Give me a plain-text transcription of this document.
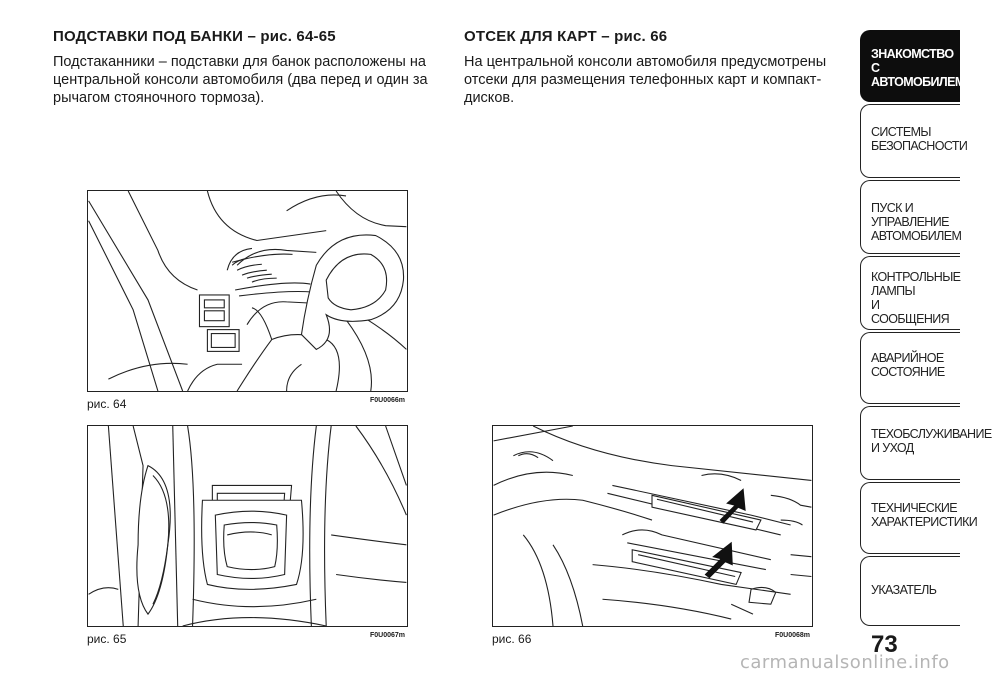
ПОДСТАВКИ ПОД БАНКИ – рис. 64-65
Подстаканники – подставки для банок расположены на
центральной консоли автомобиля (два перед и один за
рычагом стояночного тормоза).
ОТСЕК ДЛЯ КАРТ – рис. 66
На центральной консоли автомобиля предусмотрены
отсеки для размещения телефонных карт и компакт-
дисков.
рис. 64	F0U0066m
рис. 65	F0U0067m	рис. 66	F0U0068m
ЗНАКОМСТВО С
АВТОМОБИЛЕМ
СИСТЕМЫ
БЕЗОПАСНОСТИ
ПУСК И УПРАВЛЕНИЕ
АВТОМОБИЛЕМ
КОНТРОЛЬНЫЕ
ЛАМПЫ
И СООБЩЕНИЯ
АВАРИЙНОЕ
СОСТОЯНИЕ
ТЕХОБСЛУЖИВАНИЕ
И УХОД
ТЕХНИЧЕСКИЕ
ХАРАКТЕРИСТИКИ
УКАЗАТЕЛЬ
73
carmanualsonline.info
